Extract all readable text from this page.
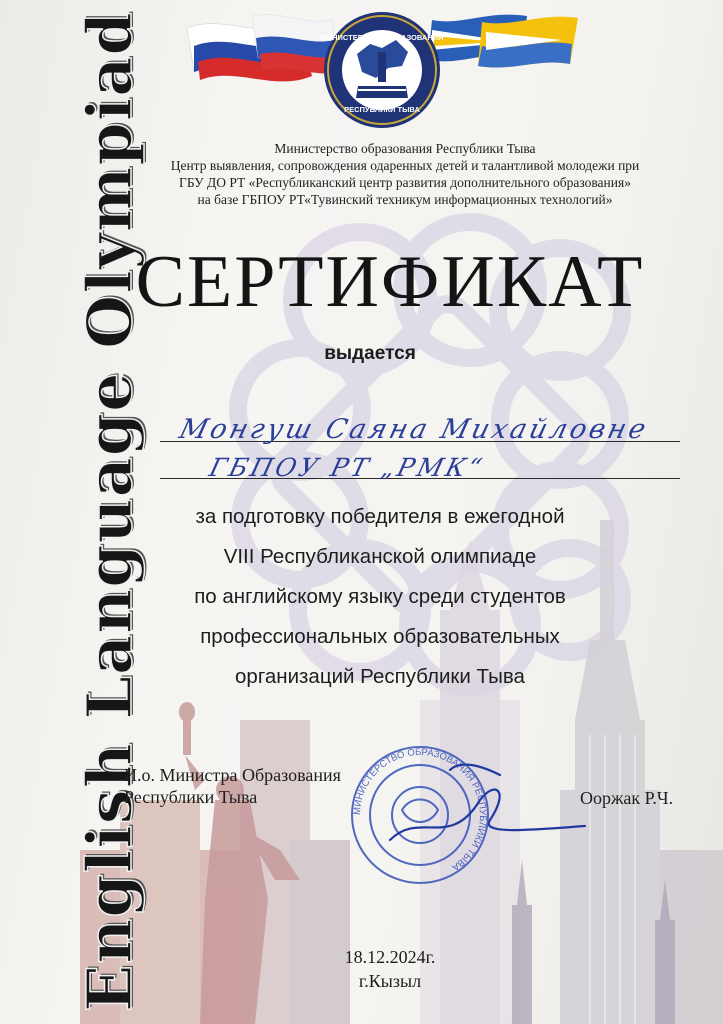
English Language Olympiad	МИНИСТЕРСТВО ОБРАЗОВАНИЯ
РЕСПУБЛИКИ ТЫВА
Министерство образования Республики Тыва
Центр выявления, сопровождения одаренных детей и талантливой молодежи при
ГБУ ДО РТ «Республиканский центр развития дополнительного образования»
на базе ГБПОУ РТ«Тувинский техникум информационных технологий»
СЕРТИФИКАТ
выдается
Монгуш Саяна Михайловне
ГБПОУ РТ „РМК“
за подготовку победителя в ежегодной
VIII Республиканской олимпиаде
по английскому языку среди студентов
профессиональных образовательных
организаций Республики Тыва
И.о. Министра Образования
Республики Тыва	Ооржак Р.Ч.
МИНИСТЕРСТВО ОБРАЗОВАНИЯ РЕСПУБЛИКИ ТЫВА
18.12.2024г.
г.Кызыл
